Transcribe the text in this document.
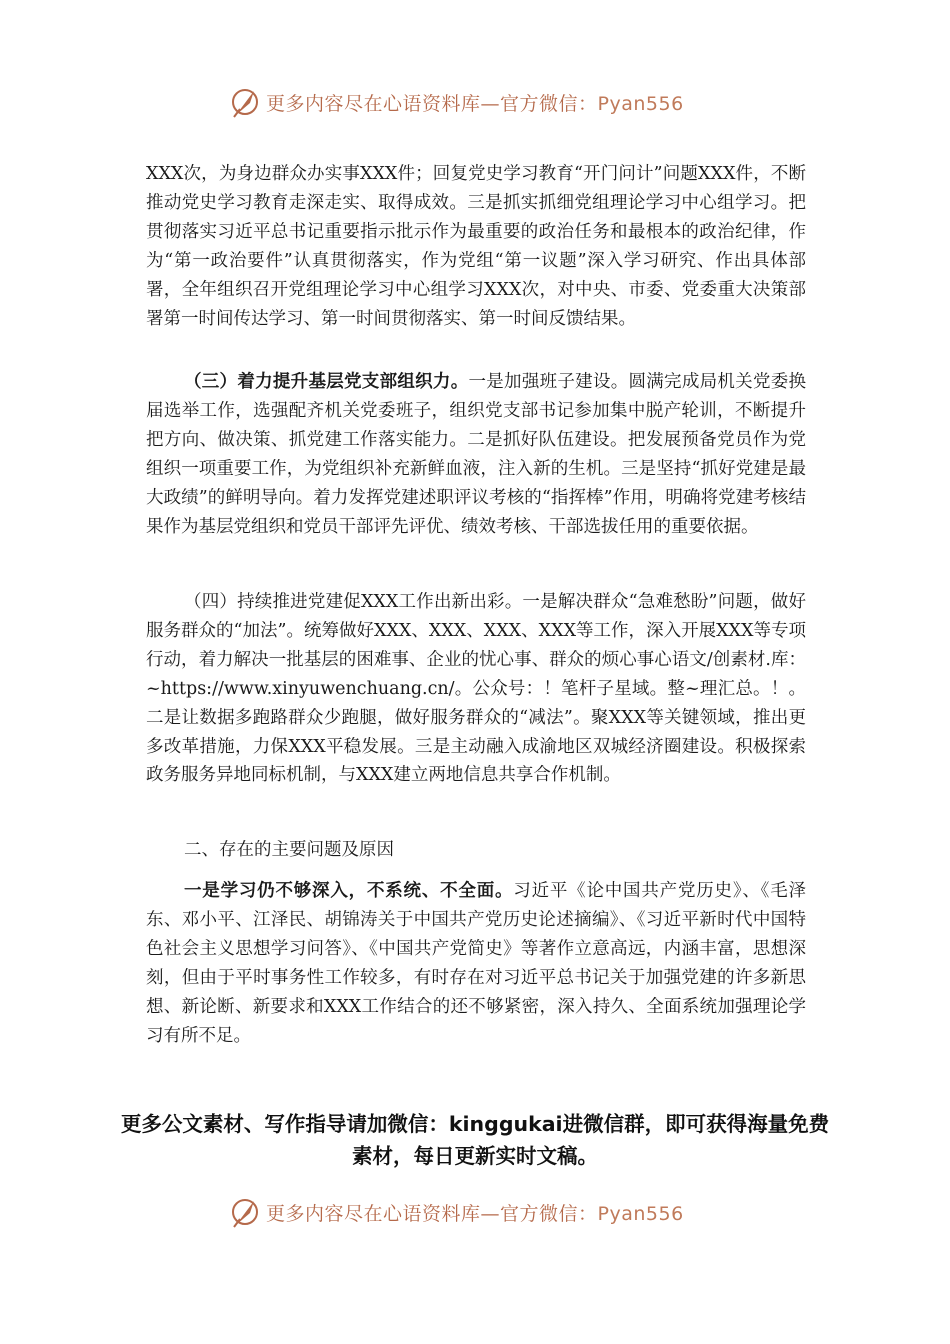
更多内容尽在心语资料库—官方微信：Pyan556

XXX次，为身边群众办实事XXX件；回复党史学习教育“开门问计”问题XXX件，不断推动党史学习教育走深走实、取得成效。三是抓实抓细党组理论学习中心组学习。把贯彻落实习近平总书记重要指示批示作为最重要的政治任务和最根本的政治纪律，作为“第一政治要件”认真贯彻落实，作为党组“第一议题”深入学习研究、作出具体部署，全年组织召开党组理论学习中心组学习XXX次，对中央、市委、党委重大决策部署第一时间传达学习、第一时间贯彻落实、第一时间反馈结果。

（三）着力提升基层党支部组织力。一是加强班子建设。圆满完成局机关党委换届选举工作，选强配齐机关党委班子，组织党支部书记参加集中脱产轮训，不断提升把方向、做决策、抓党建工作落实能力。二是抓好队伍建设。把发展预备党员作为党组织一项重要工作，为党组织补充新鲜血液，注入新的生机。三是坚持“抓好党建是最大政绩”的鲜明导向。着力发挥党建述职评议考核的“指挥棒”作用，明确将党建考核结果作为基层党组织和党员干部评先评优、绩效考核、干部选拔任用的重要依据。

（四）持续推进党建促XXX工作出新出彩。一是解决群众“急难愁盼”问题，做好服务群众的“加法”。统筹做好XXX、XXX、XXX、XXX等工作，深入开展XXX等专项行动，着力解决一批基层的困难事、企业的忧心事、群众的烦心事心语文/创素材.库：~https://www.xinyuwenchuang.cn/。公众号：！笔杆子星域。整~理汇总。！。二是让数据多跑路群众少跑腿，做好服务群众的“减法”。聚XXX等关键领域，推出更多改革措施，力保XXX平稳发展。三是主动融入成渝地区双城经济圈建设。积极探索政务服务异地同标机制，与XXX建立两地信息共享合作机制。

二、存在的主要问题及原因

一是学习仍不够深入，不系统、不全面。习近平《论中国共产党历史》、《毛泽东、邓小平、江泽民、胡锦涛关于中国共产党历史论述摘编》、《习近平新时代中国特色社会主义思想学习问答》、《中国共产党简史》等著作立意高远，内涵丰富，思想深刻，但由于平时事务性工作较多，有时存在对习近平总书记关于加强党建的许多新思想、新论断、新要求和XXX工作结合的还不够紧密，深入持久、全面系统加强理论学习有所不足。

更多公文素材、写作指导请加微信：kinggukai进微信群，即可获得海量免费素材，每日更新实时文稿。
更多内容尽在心语资料库—官方微信：Pyan556
